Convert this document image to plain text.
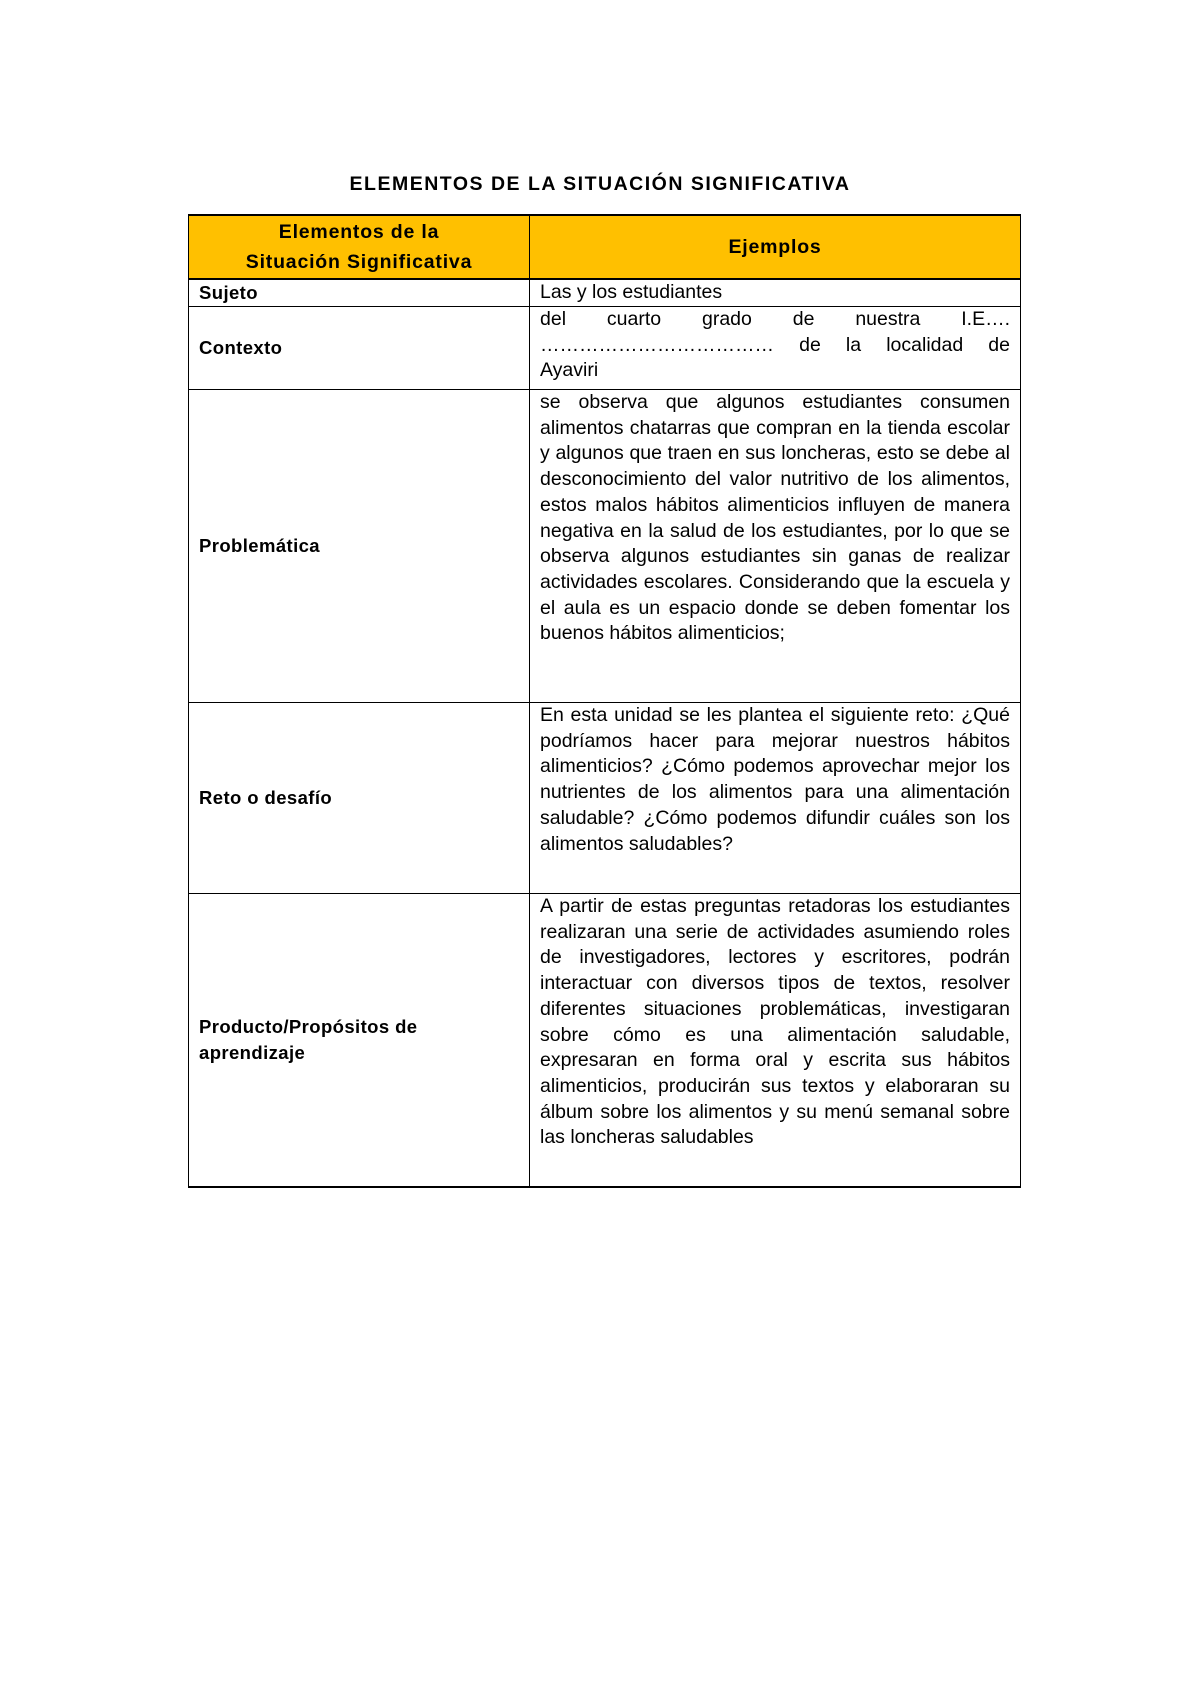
ELEMENTOS DE LA SITUACIÓN SIGNIFICATIVA
Elementos de la
Situación Significativa	Ejemplos
Sujeto	Las y los estudiantes
Contexto	del cuarto grado de nuestra I.E….
……………………………… de la localidad de
Ayaviri

Problemática	se observa que algunos estudiantes consumen alimentos chatarras que compran en la tienda escolar y algunos que traen en sus loncheras, esto se debe al desconocimiento del valor nutritivo de los alimentos, estos malos hábitos alimenticios influyen de manera negativa en la salud de los estudiantes, por lo que se observa algunos estudiantes sin ganas de realizar actividades escolares. Considerando que la escuela y el aula es un espacio donde se deben fomentar los buenos hábitos alimenticios;
Reto o desafío	En esta unidad se les plantea el siguiente reto: ¿Qué podríamos hacer para mejorar nuestros hábitos alimenticios? ¿Cómo podemos aprovechar mejor los nutrientes de los alimentos para una alimentación saludable? ¿Cómo podemos difundir cuáles son los alimentos saludables?
Producto/Propósitos de aprendizaje	A partir de estas preguntas retadoras los estudiantes realizaran una serie de actividades asumiendo roles de investigadores, lectores y escritores, podrán interactuar con diversos tipos de textos, resolver diferentes situaciones problemáticas, investigaran sobre cómo es una alimentación saludable, expresaran en forma oral y escrita sus hábitos alimenticios, producirán sus textos y elaboraran su álbum sobre los alimentos y su menú semanal sobre las loncheras saludables
